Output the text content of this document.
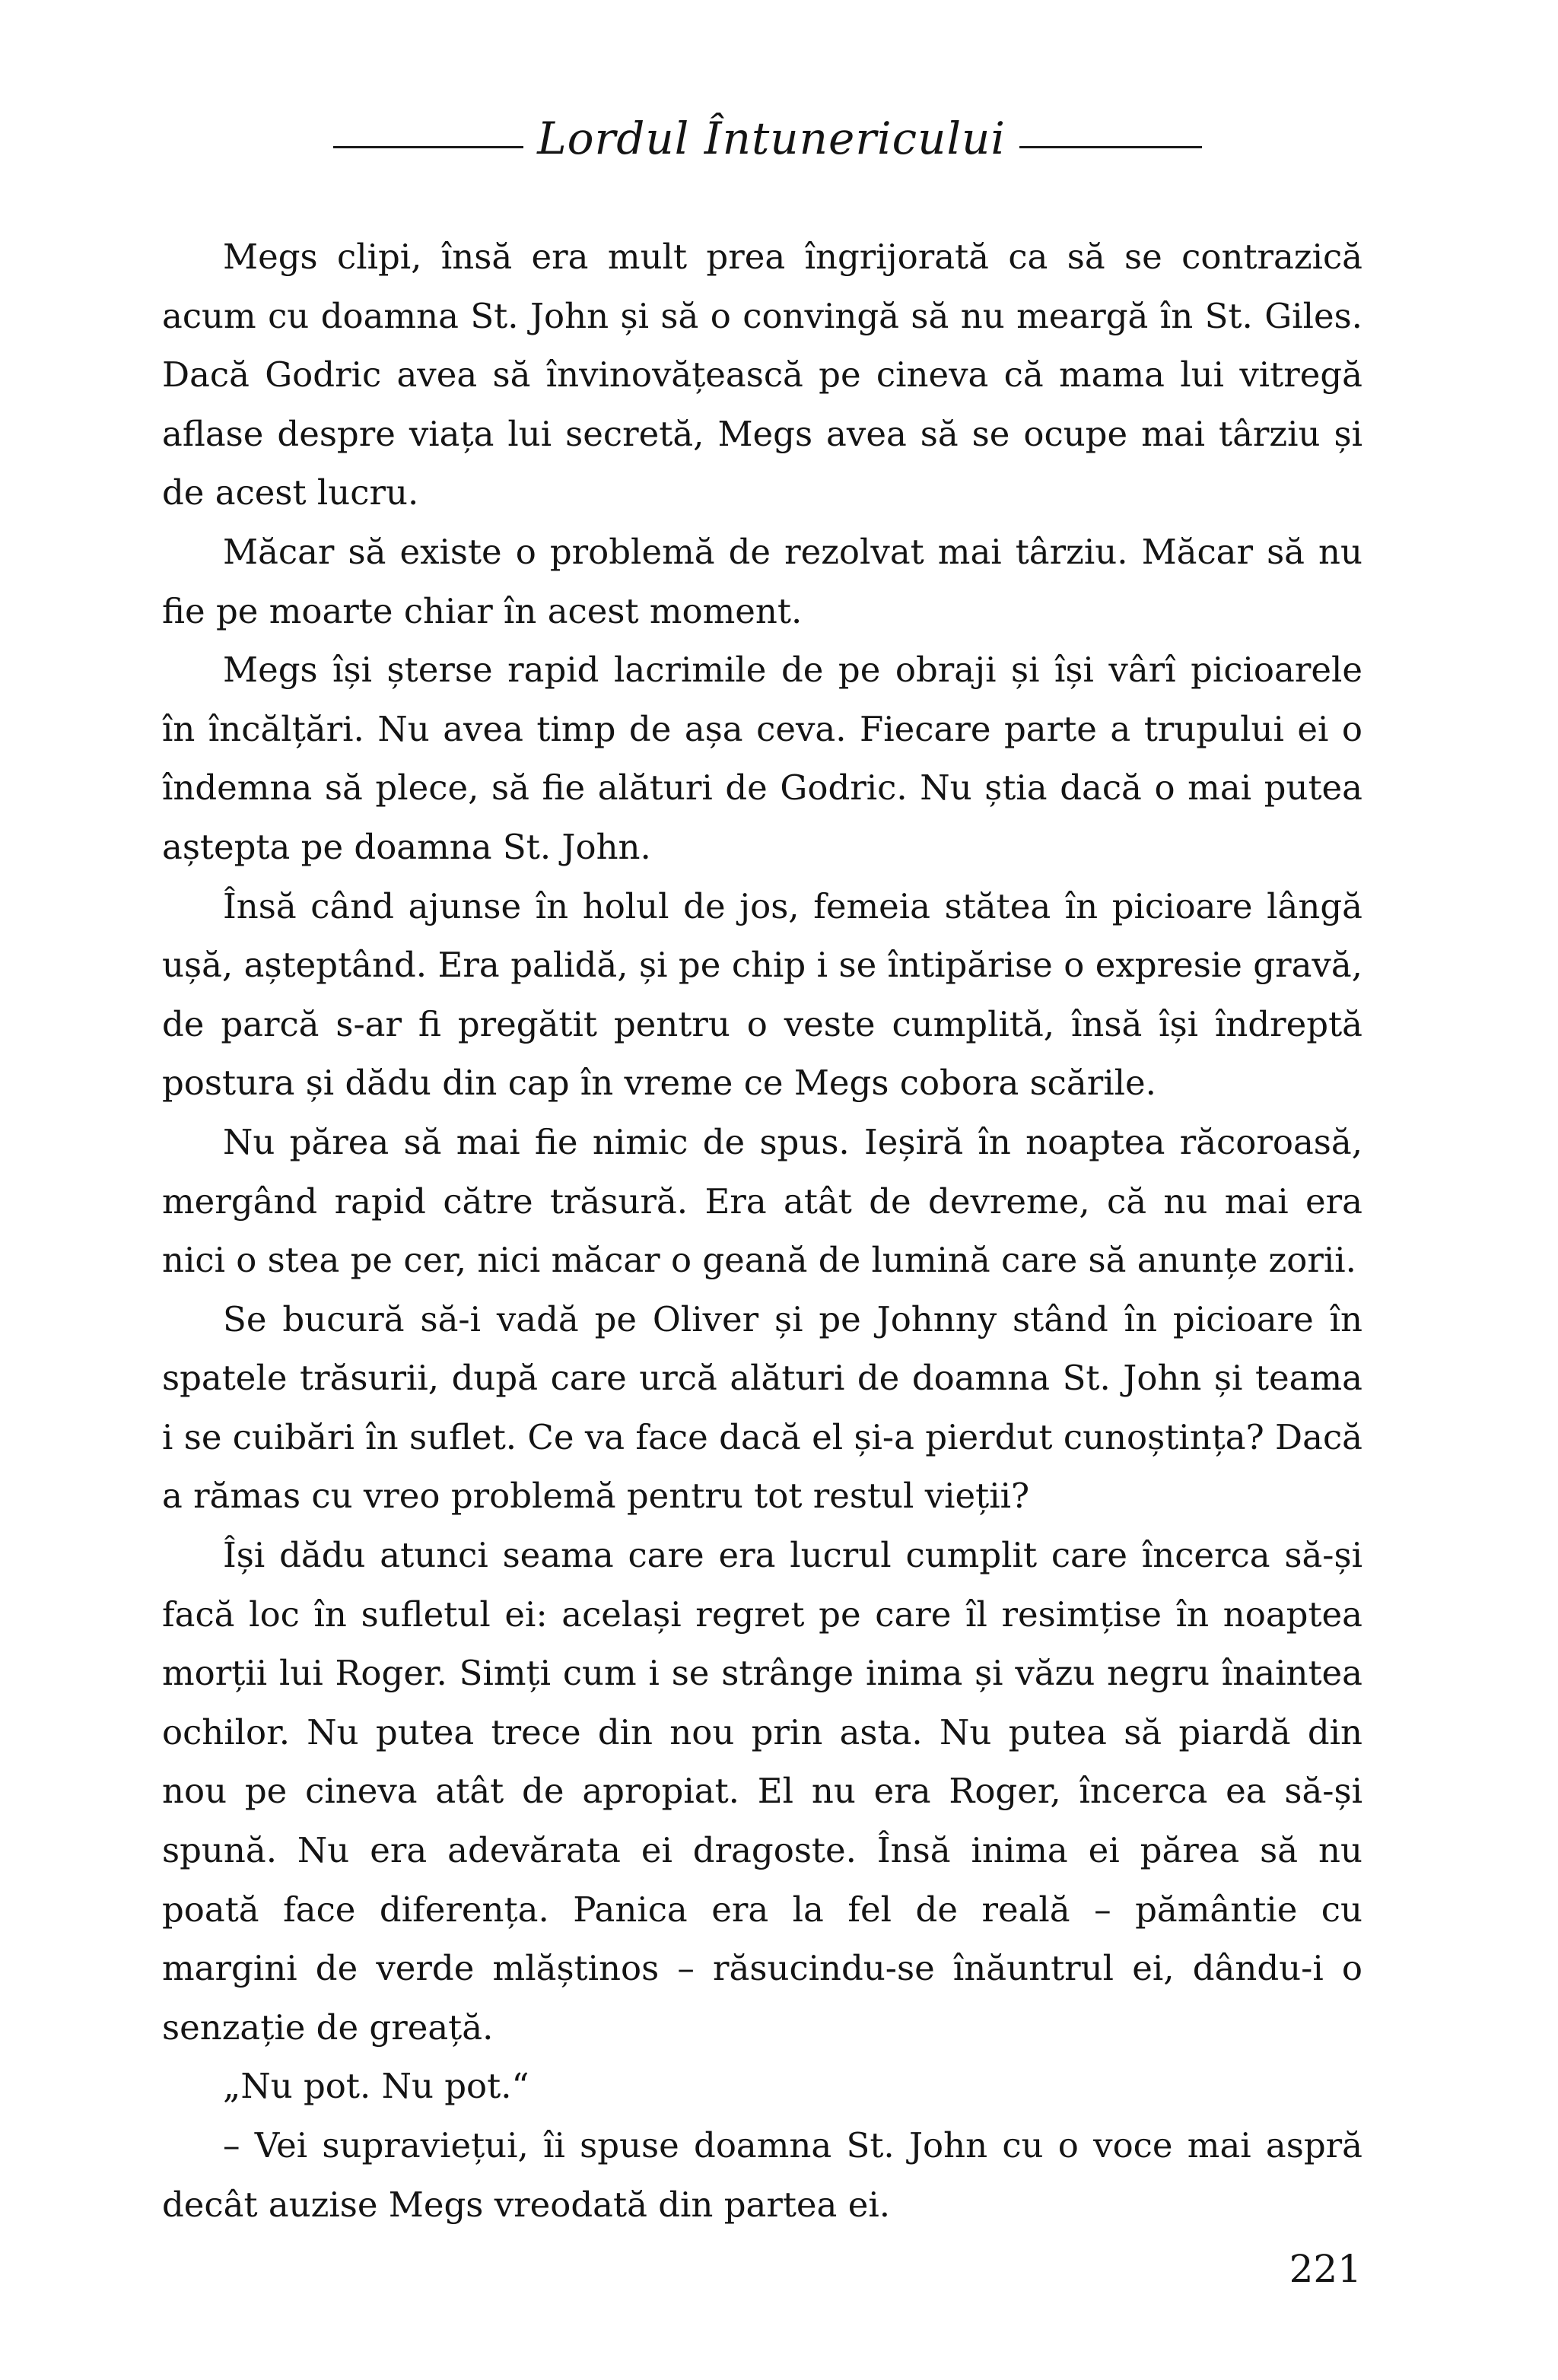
Lordul Întunericului

Megs clipi, însă era mult prea îngrijorată ca să se contrazică acum cu doamna St. John și să o convingă să nu meargă în St. Giles. Dacă Godric avea să învinovățească pe cineva că mama lui vitregă aflase despre viața lui secretă, Megs avea să se ocupe mai târziu și de acest lucru.

Măcar să existe o problemă de rezolvat mai târziu. Măcar să nu fie pe moarte chiar în acest moment.

Megs își șterse rapid lacrimile de pe obraji și își vârî picioarele în încălțări. Nu avea timp de așa ceva. Fiecare parte a trupului ei o îndemna să plece, să fie alături de Godric. Nu știa dacă o mai putea aștepta pe doamna St. John.

Însă când ajunse în holul de jos, femeia stătea în picioare lângă ușă, așteptând. Era palidă, și pe chip i se întipărise o expresie gravă, de parcă s-ar fi pregătit pentru o veste cumplită, însă își îndreptă postura și dădu din cap în vreme ce Megs cobora scările.

Nu părea să mai fie nimic de spus. Ieșiră în noaptea răcoroasă, mergând rapid către trăsură. Era atât de devreme, că nu mai era nici o stea pe cer, nici măcar o geană de lumină care să anunțe zorii.

Se bucură să-i vadă pe Oliver și pe Johnny stând în picioare în spatele trăsurii, după care urcă alături de doamna St. John și teama i se cuibări în suflet. Ce va face dacă el și-a pierdut cunoștința? Dacă a rămas cu vreo problemă pentru tot restul vieții?

Își dădu atunci seama care era lucrul cumplit care încerca să-și facă loc în sufletul ei: același regret pe care îl resimțise în noaptea morții lui Roger. Simți cum i se strânge inima și văzu negru înaintea ochilor. Nu putea trece din nou prin asta. Nu putea să piardă din nou pe cineva atât de apropiat. El nu era Roger, încerca ea să-și spună. Nu era adevărata ei dragoste. Însă inima ei părea să nu poată face diferența. Panica era la fel de reală – pământie cu margini de verde mlăștinos – răsucindu-se înăuntrul ei, dându-i o senzație de greață.

„Nu pot. Nu pot.“

– Vei supraviețui, îi spuse doamna St. John cu o voce mai aspră decât auzise Megs vreodată din partea ei.

221
